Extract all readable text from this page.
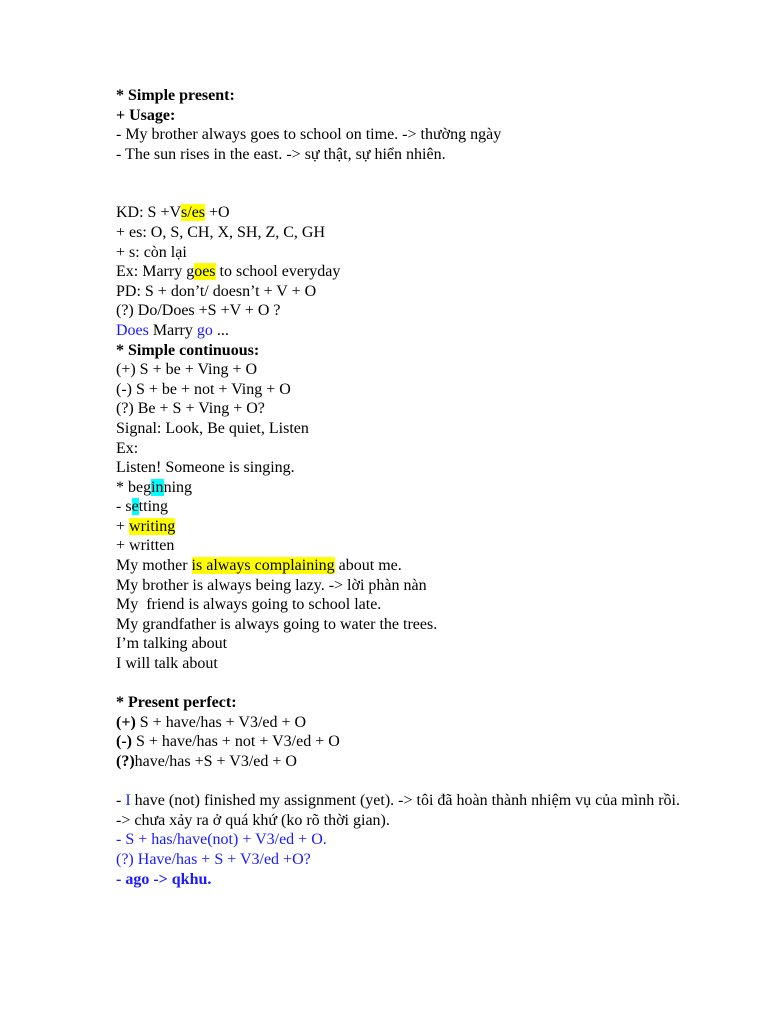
* Simple present:
+ Usage:
- My brother always goes to school on time. -> thường ngày
- The sun rises in the east. -> sự thật, sự hiển nhiên.
KD: S +Vs/es +O
+ es: O, S, CH, X, SH, Z, C, GH
+ s: còn lại
Ex: Marry goes to school everyday
PD: S + don’t/ doesn’t + V + O
(?) Do/Does +S +V + O ?
Does Marry go ...
* Simple continuous:
(+) S + be + Ving + O
(-) S + be + not + Ving + O
(?) Be + S + Ving + O?
Signal: Look, Be quiet, Listen
Ex:
Listen! Someone is singing.
* beginning
- setting
+ writing
+ written
My mother is always complaining about me.
My brother is always being lazy. -> lời phàn nàn
My  friend is always going to school late.
My grandfather is always going to water the trees.
I’m talking about
I will talk about
* Present perfect:
(+) S + have/has + V3/ed + O
(-) S + have/has + not + V3/ed + O
(?)have/has +S + V3/ed + O
- I have (not) finished my assignment (yet). -> tôi đã hoàn thành nhiệm vụ của mình rồi.
-> chưa xảy ra ở quá khứ (ko rõ thời gian).
- S + has/have(not) + V3/ed + O.
(?) Have/has + S + V3/ed +O?
- ago -> qkhu.
